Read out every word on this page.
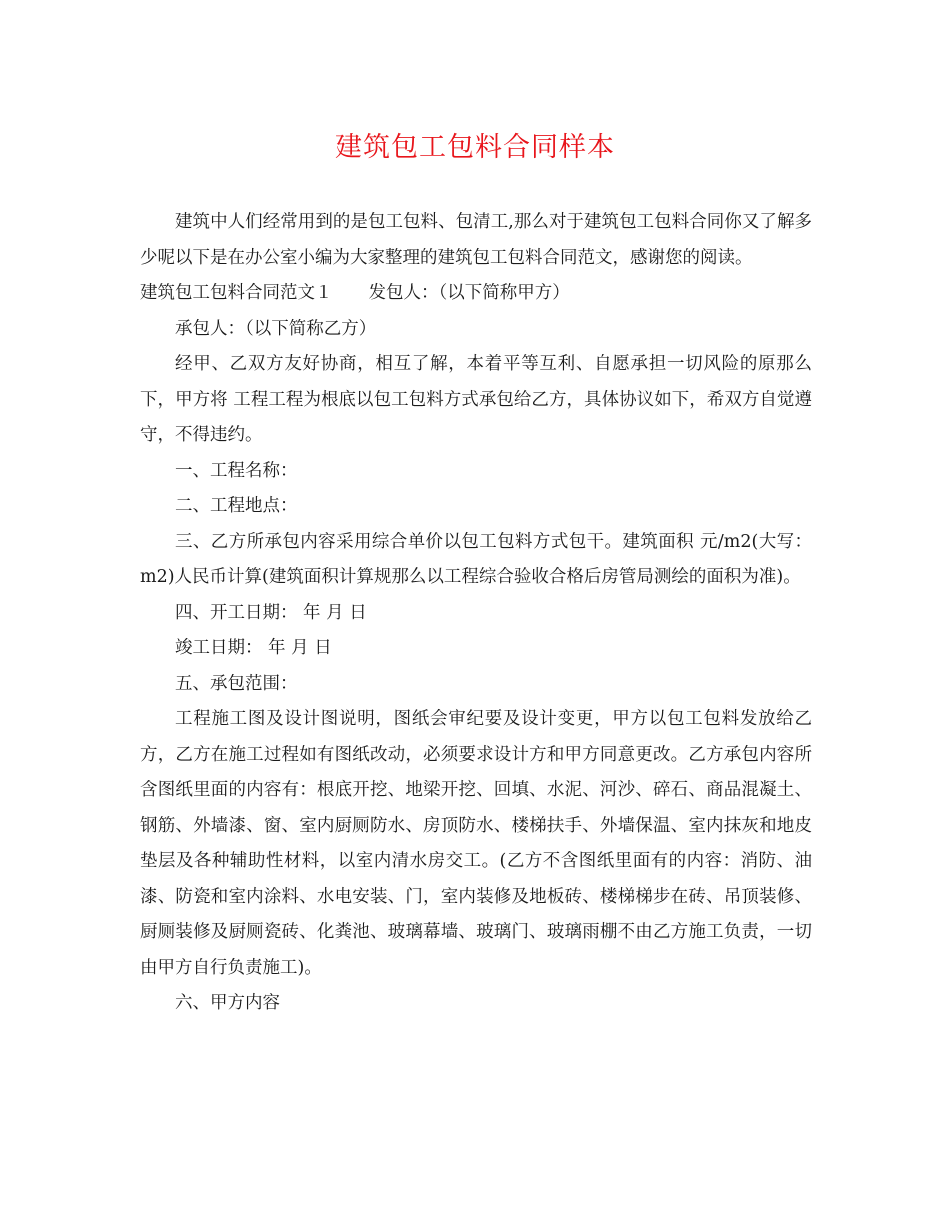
建筑包工包料合同样本

建筑中人们经常用到的是包工包料、包清工,那么对于建筑包工包料合同你又了解多少呢以下是在办公室小编为大家整理的建筑包工包料合同范文，感谢您的阅读。

建筑包工包料合同范文１ 发包人：（以下简称甲方）

承包人：（以下简称乙方）

经甲、乙双方友好协商，相互了解，本着平等互利、自愿承担一切风险的原那么下，甲方将 工程工程为根底以包工包料方式承包给乙方，具体协议如下，希双方自觉遵守，不得违约。

一、工程名称：

二、工程地点：

三、乙方所承包内容采用综合单价以包工包料方式包干。建筑面积 元/m2(大写： m2)人民币计算(建筑面积计算规那么以工程综合验收合格后房管局测绘的面积为准)。

四、开工日期： 年 月 日

竣工日期： 年 月 日

五、承包范围：

工程施工图及设计图说明，图纸会审纪要及设计变更，甲方以包工包料发放给乙方，乙方在施工过程如有图纸改动，必须要求设计方和甲方同意更改。乙方承包内容所含图纸里面的内容有：根底开挖、地梁开挖、回填、水泥、河沙、碎石、商品混凝土、钢筋、外墙漆、窗、室内厨厕防水、房顶防水、楼梯扶手、外墙保温、室内抹灰和地皮垫层及各种辅助性材料，以室内清水房交工。(乙方不含图纸里面有的内容：消防、油漆、防瓷和室内涂料、水电安装、门，室内装修及地板砖、楼梯梯步在砖、吊顶装修、厨厕装修及厨厕瓷砖、化粪池、玻璃幕墙、玻璃门、玻璃雨棚不由乙方施工负责，一切由甲方自行负责施工)。

六、甲方内容
